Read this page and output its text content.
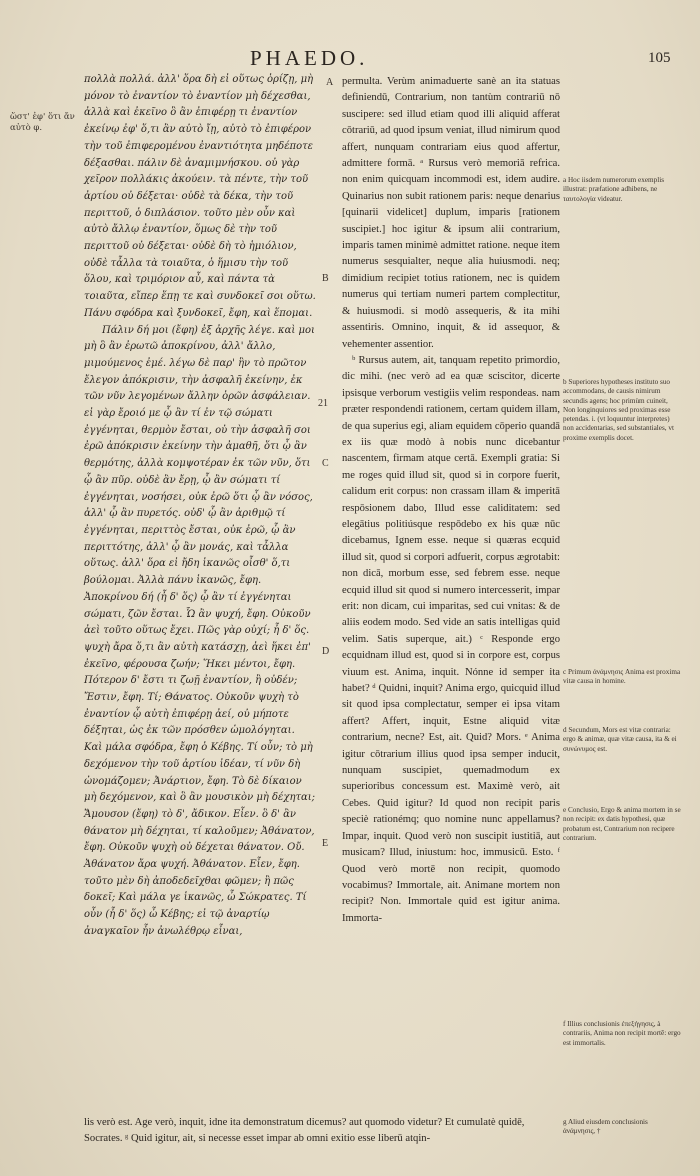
PHAEDO.	105
ὥστ' ἐφ' ὅτι ἄν αὐτὸ φ.

πολλὰ πολλά. ἀλλ' ὅρα δὴ εἰ οὕτως ὁρίζῃ, μὴ μόνον τὸ ἐναντίον τὸ ἐναντίον μὴ δέχεσθαι, ἀλλὰ καὶ ἐκεῖνο ὃ ἂν ἐπιφέρῃ τι ἐναντίον ἐκείνῳ ἐφ' ὅ,τι ἂν αὐτὸ ἴῃ, αὐτὸ τὸ ἐπιφέρον τὴν τοῦ ἐπιφερομένου ἐναντιότητα μηδέποτε δέξασθαι. πάλιν δὲ ἀναμιμνήσκου. οὐ γὰρ χεῖρον πολλάκις ἀκούειν. τὰ πέντε, τὴν τοῦ ἀρτίου οὐ δέξεται· οὐδὲ τὰ δέκα, τὴν τοῦ περιττοῦ, ὁ διπλάσιον. τοῦτο μὲν οὖν καὶ αὐτὸ ἄλλῳ ἐναντίον, ὅμως δὲ τὴν τοῦ περιττοῦ οὐ δέξεται· οὐδὲ δὴ τὸ ἡμιόλιον, οὐδὲ τἆλλα τὰ τοιαῦτα, ὁ ἥμισυ τὴν τοῦ ὅλου, καὶ τριμόριον αὖ, καὶ πάντα τὰ τοιαῦτα, εἴπερ ἕπῃ τε καὶ συνδοκεῖ σοι οὕτω. Πάνυ σφόδρα καὶ ξυνδοκεῖ, ἔφη, καὶ ἕπομαι.

Πάλιν δή μοι (ἔφη) ἐξ ἀρχῆς λέγε. καὶ μοι μὴ ὃ ἂν ἐρωτῶ ἀποκρίνου, ἀλλ' ἄλλο, μιμούμενος ἐμέ. λέγω δὲ παρ' ἣν τὸ πρῶτον ἔλεγον ἀπόκρισιν, τὴν ἀσφαλῆ ἐκείνην, ἐκ τῶν νῦν λεγομένων ἄλλην ὁρῶν ἀσφάλειαν. εἰ γὰρ ἔροιό με ᾧ ἂν τί ἐν τῷ σώματι ἐγγένηται, θερμὸν ἔσται, οὐ τὴν ἀσφαλῆ σοι ἐρῶ ἀπόκρισιν ἐκείνην τὴν ἀμαθῆ, ὅτι ᾧ ἂν θερμότης, ἀλλὰ κομψοτέραν ἐκ τῶν νῦν, ὅτι ᾧ ἂν πῦρ. οὐδὲ ἂν ἔρῃ, ᾧ ἂν σώματι τί ἐγγένηται, νοσήσει, οὐκ ἐρῶ ὅτι ᾧ ἂν νόσος, ἀλλ' ᾧ ἂν πυρετός. οὐδ' ᾧ ἂν ἀριθμῷ τί ἐγγένηται, περιττὸς ἔσται, οὐκ ἐρῶ, ᾧ ἂν περιττότης, ἀλλ' ᾧ ἂν μονάς, καὶ τἆλλα οὕτως. ἀλλ' ὅρα εἰ ἤδη ἱκανῶς οἶσθ' ὅ,τι βούλομαι. Ἀλλὰ πάνυ ἱκανῶς, ἔφη. Ἀποκρίνου δή (ἦ δ' ὅς) ᾧ ἂν τί ἐγγένηται σώματι, ζῶν ἔσται. Ὧ ἂν ψυχή, ἔφη. Οὐκοῦν ἀεὶ τοῦτο οὕτως ἔχει. Πῶς γὰρ οὐχί; ἦ δ' ὅς. ψυχὴ ἄρα ὅ,τι ἂν αὐτὴ κατάσχῃ, ἀεὶ ἥκει ἐπ' ἐκεῖνο, φέρουσα ζωήν; Ἥκει μέντοι, ἔφη. Πότερον δ' ἔστι τι ζωῇ ἐναντίον, ἢ οὐδέν; Ἔστιν, ἔφη. Τί; Θάνατος. Οὐκοῦν ψυχὴ τὸ ἐναντίον ᾧ αὐτὴ ἐπιφέρῃ ἀεί, οὐ μήποτε δέξηται, ὡς ἐκ τῶν πρόσθεν ὡμολόγηται. Καὶ μάλα σφόδρα, ἔφη ὁ Κέβης. Τί οὖν; τὸ μὴ δεχόμενον τὴν τοῦ ἀρτίου ἰδέαν, τί νῦν δὴ ὠνομάζομεν; Ἀνάρτιον, ἔφη. Τὸ δὲ δίκαιον μὴ δεχόμενον, καὶ ὃ ἂν μουσικὸν μὴ δέχηται; Ἄμουσον (ἔφη) τὸ δ', ἄδικον. Εἶεν. ὃ δ' ἂν θάνατον μὴ δέχηται, τί καλοῦμεν; Ἀθάνατον, ἔφη. Οὐκοῦν ψυχὴ οὐ δέχεται θάνατον. Οὔ. Ἀθάνατον ἄρα ψυχή. Ἀθάνατον. Εἶεν, ἔφη. τοῦτο μὲν δὴ ἀποδεδεῖχθαι φῶμεν; ἢ πῶς δοκεῖ; Καὶ μάλα γε ἱκανῶς, ὦ Σώκρατες. Τί οὖν (ἦ δ' ὅς) ὦ Κέβης; εἰ τῷ ἀναρτίῳ ἀναγκαῖον ἦν ἀνωλέθρῳ εἶναι,

A
B
21
C
D
E

permulta. Verùm animaduerte sanè an ita statuas definiendū, Contrarium, non tantùm contrariū nō suscipere: sed illud etiam quod illi aliquid afferat cōtrariū, ad quod ipsum veniat, illud nimirum quod affert, nunquam contrariam eius quod affertur, admittere formā. ᵃ Rursus verò memoriā refrica. non enim quicquam incommodi est, idem audire. Quinarius non subit rationem paris: neque denarius [quinarii videlicet] duplum, imparis [rationem suscipiet.] hoc igitur & ipsum alii contrarium, imparis tamen minimè admittet ratione. neque item numerus sesquialter, neque alia huiusmodi. neq; dimidium recipiet totius rationem, nec is quidem numerus qui tertiam numeri partem complectitur, & huiusmodi. si modò assequeris, & ita mihi assentiris. Omnino, inquit, & id assequor, & vehementer assentior.

ᵇ Rursus autem, ait, tanquam repetito primordio, dic mihi. (nec verò ad ea quæ sciscitor, dicerte ipsisque verborum vestigiis velim respondeas. nam præter respondendi rationem, certam quidem illam, de qua superius egi, aliam equidem cōperio quandā ex iis quæ modò à nobis nunc dicebantur nascentem, firmam atque certā. Exempli gratia: Si me roges quid illud sit, quod si in corpore fuerit, calidum erit corpus: non crassam illam & imperitā respōsionem dabo, Illud esse caliditatem: sed elegātius politiúsque respōdebo ex his quæ nūc dicebamus, Ignem esse. neque si quæras ecquid illud sit, quod si corpori adfuerit, corpus ægrotabit: non dicā, morbum esse, sed febrem esse. neque ecquid illud sit quod si numero intercesserit, impar erit: non dicam, cui imparitas, sed cui vnitas: & de aliis eodem modo. Sed vide an satis intelligas quid velim. Satis superque, ait.) ᶜ Responde ergo ecquidnam illud est, quod si in corpore est, corpus viuum est. Anima, inquit. Nónne id semper ita habet? ᵈ Quidni, inquit? Anima ergo, quicquid illud sit quod ipsa complectatur, semper ei ipsa vitam affert? Affert, inquit, Estne aliquid vitæ contrarium, necne? Est, ait. Quid? Mors. ᵉ Anima igitur cōtrarium illius quod ipsa semper inducit, nunquam suscipiet, quemadmodum ex superioribus concessum est. Maximè verò, ait Cebes. Quid igitur? Id quod non recipit paris speciè rationémq; quo nomine nunc appellamus? Impar, inquit. Quod verò non suscipit iustitiā, aut musicam? Illud, iniustum: hoc, immusicū. Esto. ᶠ Quod verò mortē non recipit, quomodo vocabimus? Immortale, ait. Animane mortem non recipit? Non. Immortale quid est igitur anima. Immorta-

a Hoc iisdem numerorum exemplis illustrat: præfatione adhibens, ne ταυτολογία videatur.
b Superiores hypotheses instituto suo accommodans, de causis nimirum secundis agens; hoc primùm cuineit, Non longinquiores sed proximas esse petendas. i. (vt loquuntur interpretes) non accidentarias, sed substantiales, vt proxime exemplis docet.
c Primum ἀνάμνησις Anima est proxima vitæ causa in homine.
d Secundum, Mors est vitæ contraria: ergo & animæ, quæ vitæ causa, ita & ei συνώνυμος est.
e Conclusio, Ergo & anima mortem in se non recipit: ex datis hypothesi, quæ probatum est, Contrarium non recipere contrarium.
f Illius conclusionis ἐπεξήγησις, à contrariis, Anima non recipit mortē: ergo est immortalis.
g Aliud eiusdem conclusionis ἀνάμνησις, †

lis verò est. Age verò, inquit, idne ita demonstratum dicemus? aut quomodo videtur? Et cumulatè quidē, Socrates. ᵍ Quid igitur, ait, si necesse esset impar ab omni exitio esse liberū atqin-
